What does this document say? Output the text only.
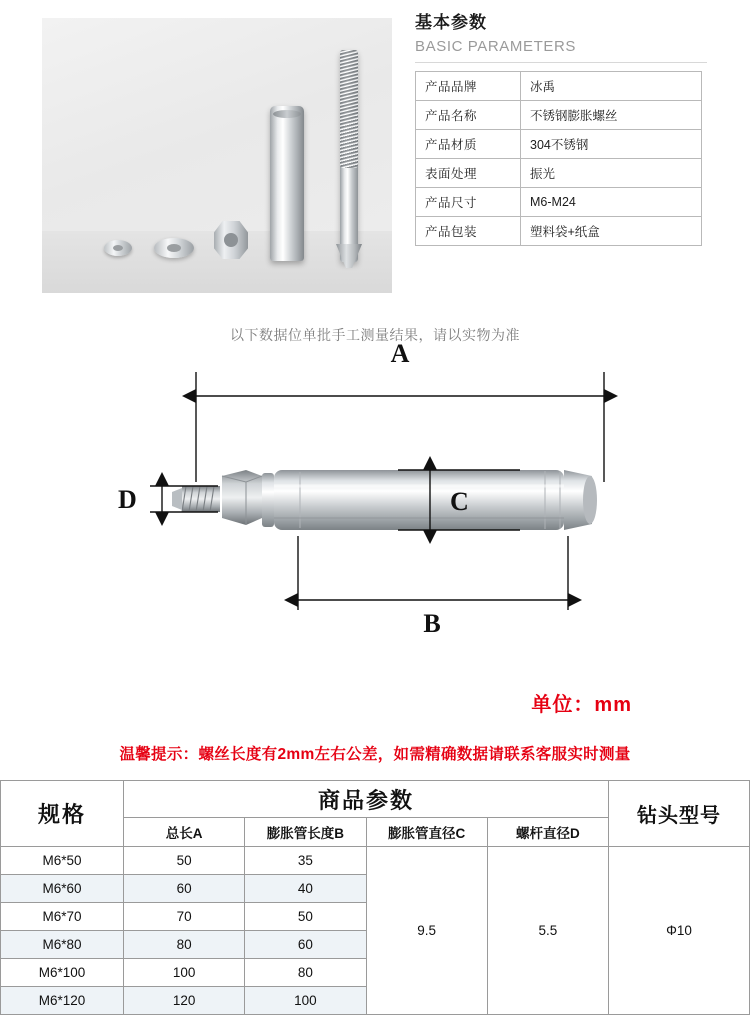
基本参数
BASIC PARAMETERS
产品品牌	冰禹
产品名称	不锈钢膨胀螺丝
产品材质	304不锈钢
表面处理	振光
产品尺寸	M6-M24
产品包装	塑料袋+纸盒
以下数据位单批手工测量结果，请以实物为准
A
B
C
D
单位：mm
温馨提示：螺丝长度有2mm左右公差，如需精确数据请联系客服实时测量
规格	商品参数				钻头型号
	总长A	膨胀管长度B	膨胀管直径C	螺杆直径D	
M6*50	50	35	9.5	5.5	Φ10
M6*60	60	40			
M6*70	70	50			
M6*80	80	60			
M6*100	100	80			
M6*120	120	100			
